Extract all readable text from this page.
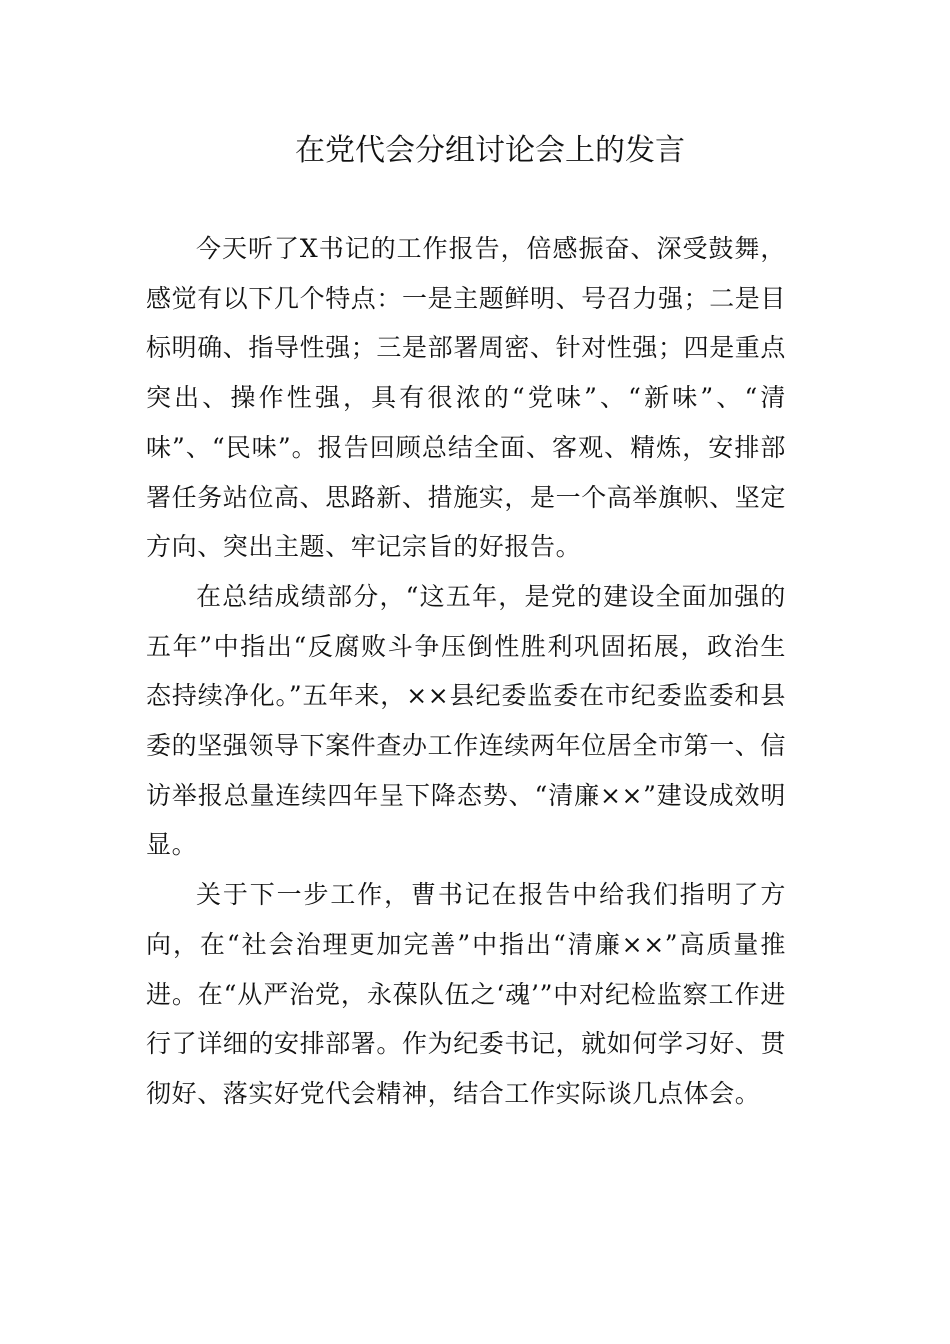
在党代会分组讨论会上的发言

今天听了X书记的工作报告，倍感振奋、深受鼓舞，感觉有以下几个特点：一是主题鲜明、号召力强；二是目标明确、指导性强；三是部署周密、针对性强；四是重点突出、操作性强，具有很浓的“党味”、“新味”、“清味”、“民味”。报告回顾总结全面、客观、精炼，安排部署任务站位高、思路新、措施实，是一个高举旗帜、坚定方向、突出主题、牢记宗旨的好报告。

在总结成绩部分，“这五年，是党的建设全面加强的五年”中指出“反腐败斗争压倒性胜利巩固拓展，政治生态持续净化。”五年来，××县纪委监委在市纪委监委和县委的坚强领导下案件查办工作连续两年位居全市第一、信访举报总量连续四年呈下降态势、“清廉××”建设成效明显。

关于下一步工作，曹书记在报告中给我们指明了方向，在“社会治理更加完善”中指出“清廉××”高质量推进。在“从严治党，永葆队伍之‘魂’”中对纪检监察工作进行了详细的安排部署。作为纪委书记，就如何学习好、贯彻好、落实好党代会精神，结合工作实际谈几点体会。
